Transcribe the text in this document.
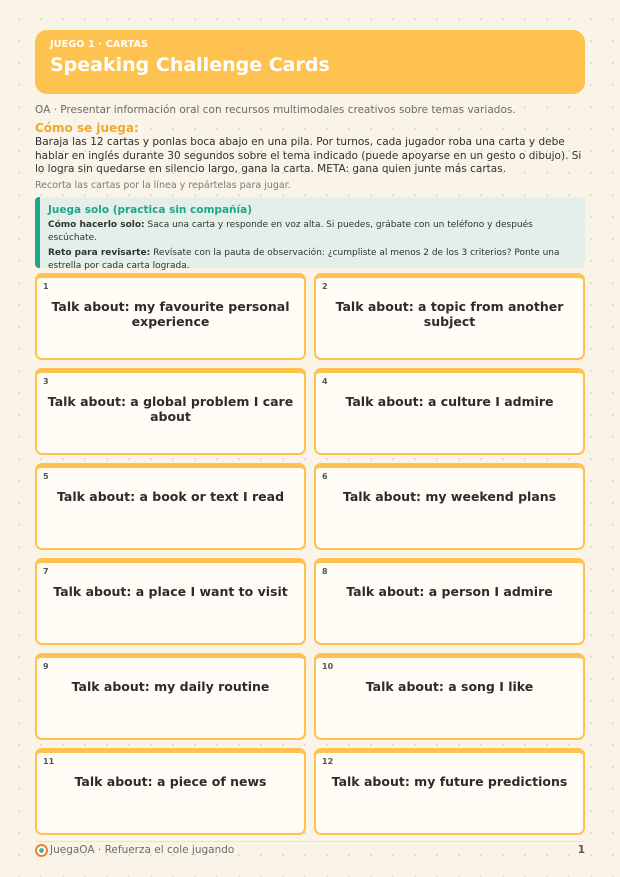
JUEGO 1 · CARTAS
Speaking Challenge Cards
OA · Presentar información oral con recursos multimodales creativos sobre temas variados.
Cómo se juega:
Baraja las 12 cartas y ponlas boca abajo en una pila. Por turnos, cada jugador roba una carta y debe hablar en inglés durante 30 segundos sobre el tema indicado (puede apoyarse en un gesto o dibujo). Si lo logra sin quedarse en silencio largo, gana la carta. META: gana quien junte más cartas.
Recorta las cartas por la línea y repártelas para jugar.
Juega solo (practica sin compañía)
Cómo hacerlo solo: Saca una carta y responde en voz alta. Si puedes, grábate con un teléfono y después escúchate.
Reto para revisarte: Revísate con la pauta de observación: ¿cumpliste al menos 2 de los 3 criterios? Ponte una estrella por cada carta lograda.
1
Talk about: my favourite personal experience
2
Talk about: a topic from another subject
3
Talk about: a global problem I care about
4
Talk about: a culture I admire
5
Talk about: a book or text I read
6
Talk about: my weekend plans
7
Talk about: a place I want to visit
8
Talk about: a person I admire
9
Talk about: my daily routine
10
Talk about: a song I like
11
Talk about: a piece of news
12
Talk about: my future predictions
JuegaOA · Refuerza el cole jugando	1
